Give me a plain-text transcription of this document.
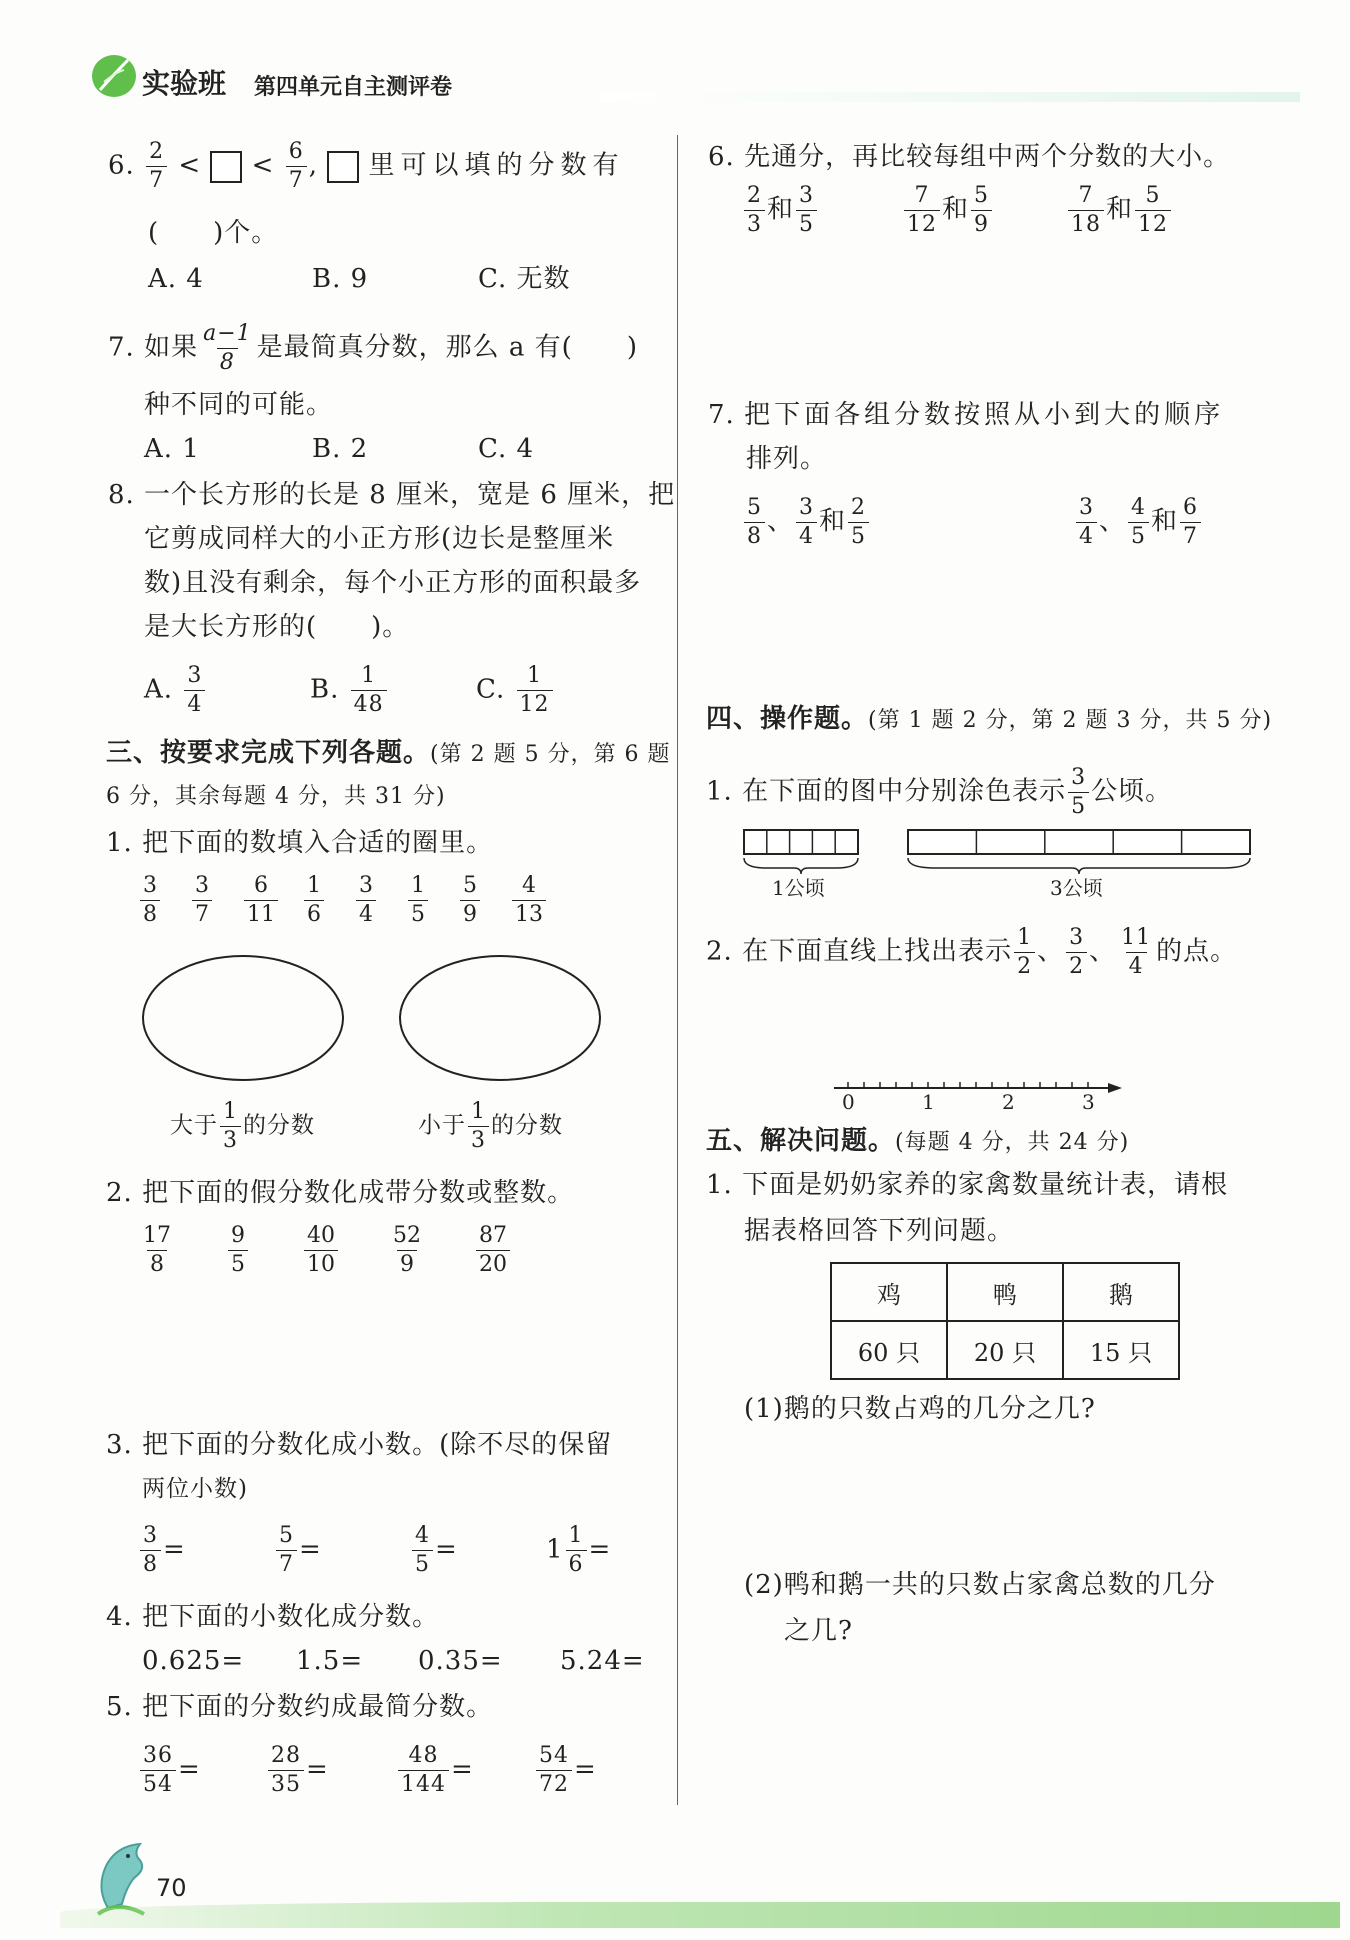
实验班 第四单元自主测评卷
6. $\frac{2}{7}$ <  < $\frac{6}{7}$ ,  里可以填的分数有
(　　)个。
A. 4	B. 9	C. 无数
7. 如果 $\frac{a-1}{8}$ 是最简真分数，那么 a 有(　　)
种不同的可能。
A. 1	B. 2	C. 4
8. 一个长方形的长是 8 厘米，宽是 6 厘米，把
它剪成同样大的小正方形(边长是整厘米
数)且没有剩余，每个小正方形的面积最多
是大长方形的(　　)。
A. $\frac{3}{4}$	B. $\frac{1}{48}$	C. $\frac{1}{12}$
三、按要求完成下列各题。(第 2 题 5 分，第 6 题
6 分，其余每题 4 分，共 31 分)
1. 把下面的数填入合适的圈里。
$\frac{3}{8} \frac{3}{7} \frac{6}{11} \frac{1}{6} \frac{3}{4} \frac{1}{5} \frac{5}{9} \frac{4}{13}$
大于 $\frac{1}{3}$ 的分数	小于 $\frac{1}{3}$ 的分数
2. 把下面的假分数化成带分数或整数。
$\frac{17}{8} \frac{9}{5}$	$\frac{40}{10} \frac{52}{9} \frac{87}{20}$
3. 把下面的分数化成小数。(除不尽的保留
两位小数)
$\frac{3}{8}$ =	$\frac{5}{7}$ =	$\frac{4}{5}$ =	$1 \frac{1}{6}$ =
4. 把下面的小数化成分数。
0.625= 1.5= 0.35= 5.24=
5. 把下面的分数约成最简分数。
$\frac{36}{54}$ =	$\frac{28}{35}$ =	$\frac{48}{144}$ =	$\frac{54}{72}$ =
6. 先通分，再比较每组中两个分数的大小。
$\frac{2}{3}$ 和 $\frac{3}{5}$	$\frac{7}{12}$ 和 $\frac{5}{9}$	$\frac{7}{18}$ 和 $\frac{5}{12}$
7. 把下面各组分数按照从小到大的顺序
排列。
$\frac{5}{8}$ 、 $\frac{3}{4}$ 和 $\frac{2}{5}$	$\frac{3}{4}$ 、 $\frac{4}{5}$ 和 $\frac{6}{7}$
四、操作题。(第 1 题 2 分，第 2 题 3 分，共 5 分)
1. 在下面的图中分别涂色表示 $\frac{3}{5}$ 公顷。
1公顷	3公顷
2. 在下面直线上找出表示 $\frac{1}{2}$ 、 $\frac{3}{2}$ 、 $\frac{11}{4}$ 的点。
0	1	2	3
五、解决问题。(每题 4 分，共 24 分)
1. 下面是奶奶家养的家禽数量统计表，请根
据表格回答下列问题。
鸡	鸭	鹅
60 只	20 只	15 只
(1)鹅的只数占鸡的几分之几?
(2)鸭和鹅一共的只数占家禽总数的几分
之几?
70
